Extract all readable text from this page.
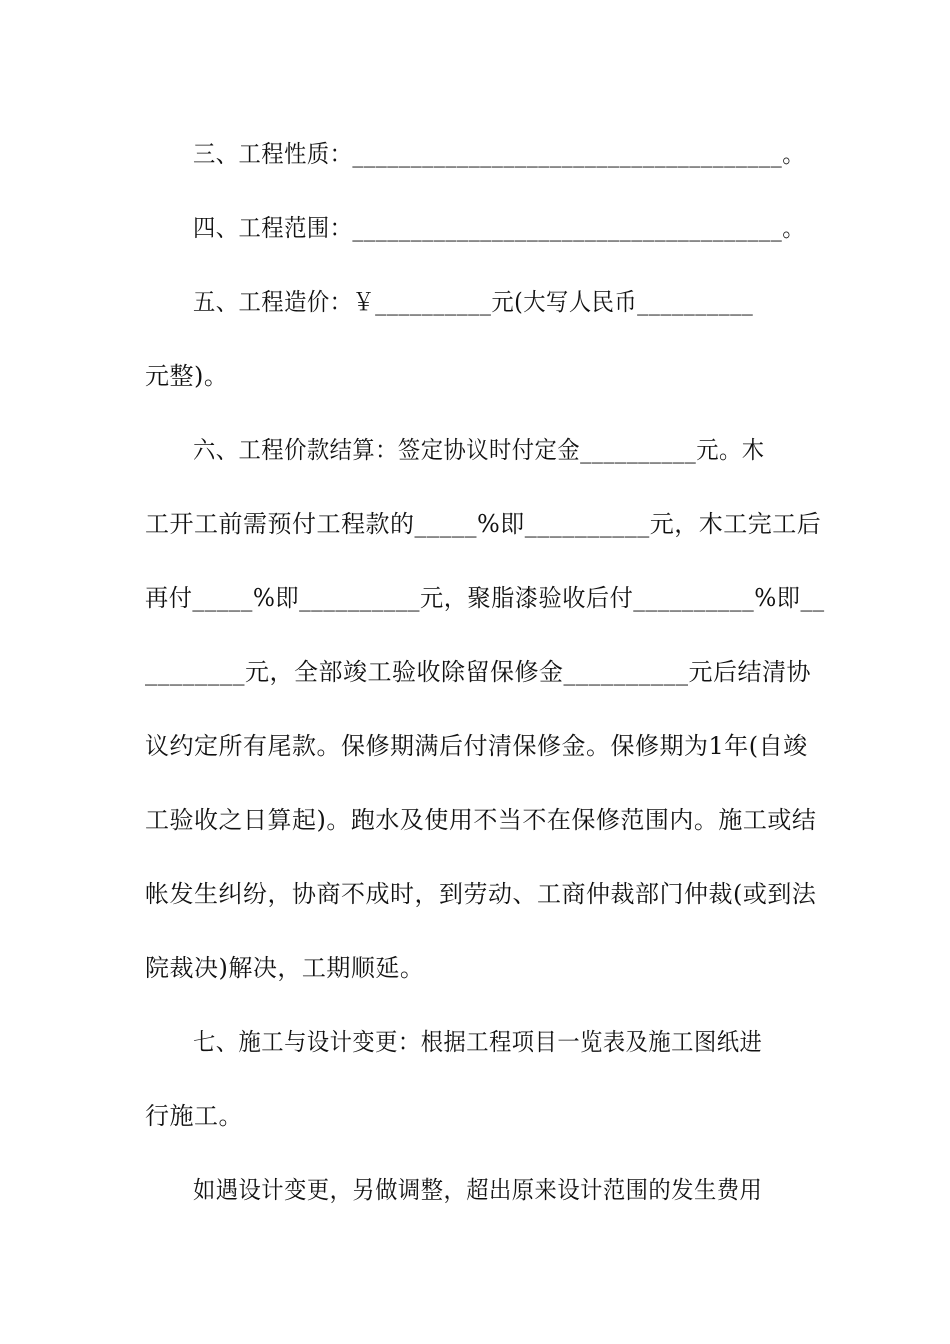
三、工程性质：_____________________________________。
四、工程范围：_____________________________________。
五、工程造价：￥__________元(大写人民币__________
元整)。
六、工程价款结算：签定协议时付定金__________元。木
工开工前需预付工程款的_____%即__________元，木工完工后
再付_____%即__________元，聚脂漆验收后付__________%即__
________元，全部竣工验收除留保修金__________元后结清协
议约定所有尾款。保修期满后付清保修金。保修期为1年(自竣
工验收之日算起)。跑水及使用不当不在保修范围内。施工或结
帐发生纠纷，协商不成时，到劳动、工商仲裁部门仲裁(或到法
院裁决)解决，工期顺延。
七、施工与设计变更：根据工程项目一览表及施工图纸进
行施工。
如遇设计变更，另做调整，超出原来设计范围的发生费用
